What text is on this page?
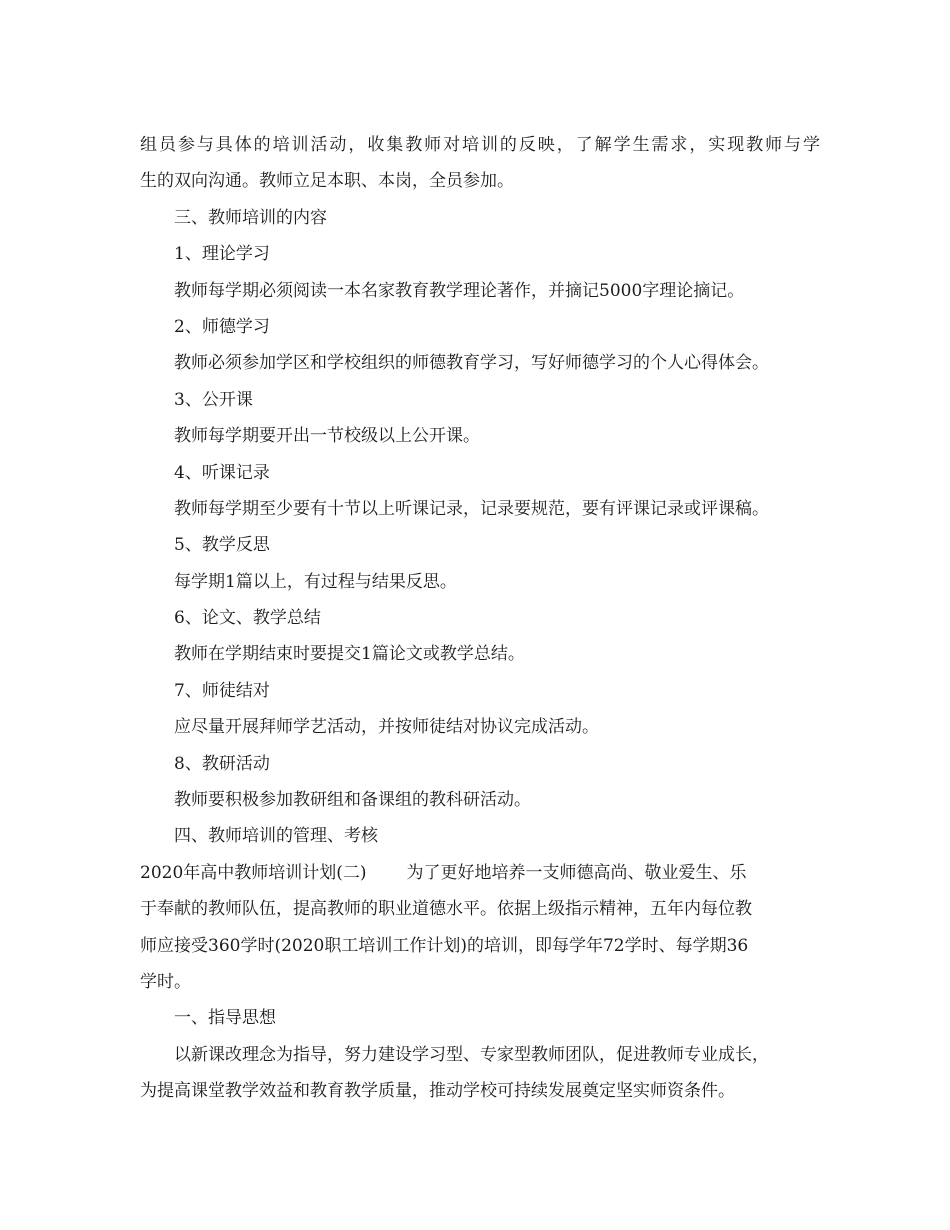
组员参与具体的培训活动，收集教师对培训的反映，了解学生需求，实现教师与学
生的双向沟通。教师立足本职、本岗，全员参加。
三、教师培训的内容
1、理论学习
教师每学期必须阅读一本名家教育教学理论著作，并摘记5000字理论摘记。
2、师德学习
教师必须参加学区和学校组织的师德教育学习，写好师德学习的个人心得体会。
3、公开课
教师每学期要开出一节校级以上公开课。
4、听课记录
教师每学期至少要有十节以上听课记录，记录要规范，要有评课记录或评课稿。
5、教学反思
每学期1篇以上，有过程与结果反思。
6、论文、教学总结
教师在学期结束时要提交1篇论文或教学总结。
7、师徒结对
应尽量开展拜师学艺活动，并按师徒结对协议完成活动。
8、教研活动
教师要积极参加教研组和备课组的教科研活动。
四、教师培训的管理、考核
2020年高中教师培训计划(二) 为了更好地培养一支师德高尚、敬业爱生、乐
于奉献的教师队伍，提高教师的职业道德水平。依据上级指示精神，五年内每位教
师应接受360学时(2020职工培训工作计划)的培训，即每学年72学时、每学期36
学时。
一、指导思想
以新课改理念为指导，努力建设学习型、专家型教师团队，促进教师专业成长，
为提高课堂教学效益和教育教学质量，推动学校可持续发展奠定坚实师资条件。
